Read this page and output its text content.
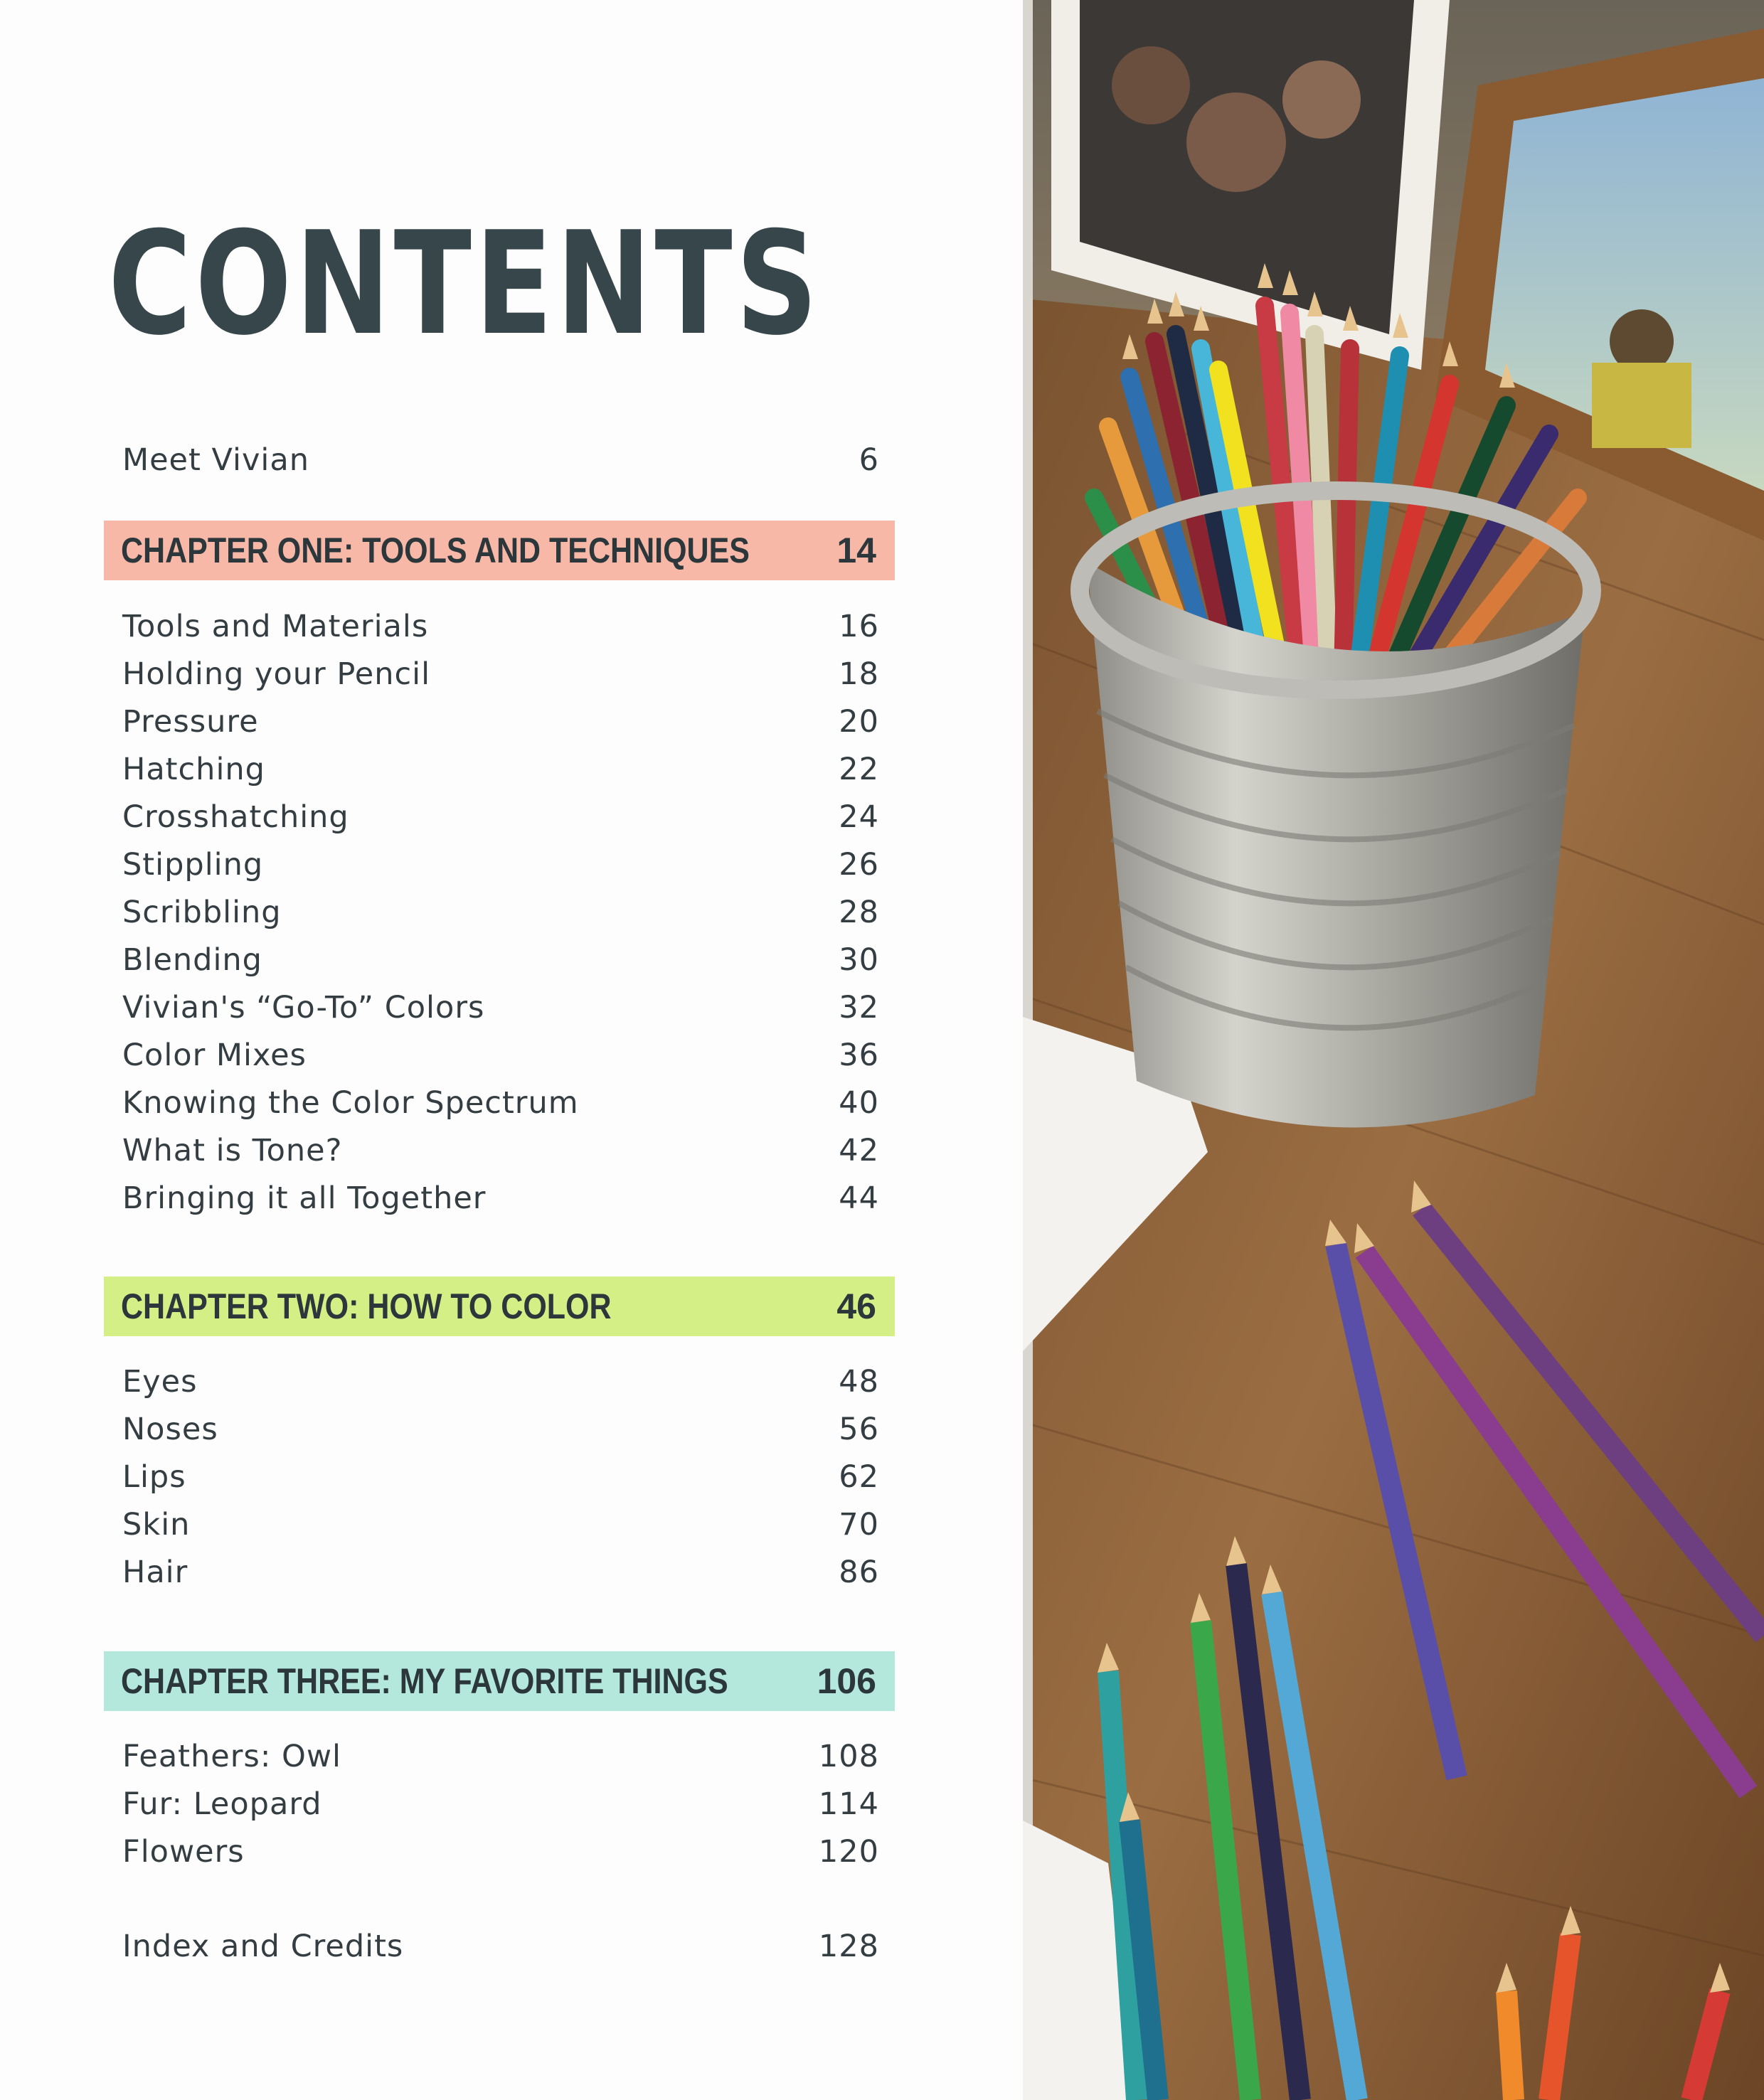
CONTENTS
Meet Vivian	6
CHAPTER ONE: TOOLS AND TECHNIQUES 14
Tools and Materials	16
Holding your Pencil	18
Pressure	20
Hatching	22
Crosshatching	24
Stippling	26
Scribbling	28
Blending	30
Vivian's “Go-To” Colors	32
Color Mixes	36
Knowing the Color Spectrum	40
What is Tone?	42
Bringing it all Together	44
CHAPTER TWO: HOW TO COLOR	46
Eyes	48
Noses	56
Lips	62
Skin	70
Hair	86
CHAPTER THREE: MY FAVORITE THINGS 106
Feathers: Owl	108
Fur: Leopard	114
Flowers	120
Index and Credits	128
